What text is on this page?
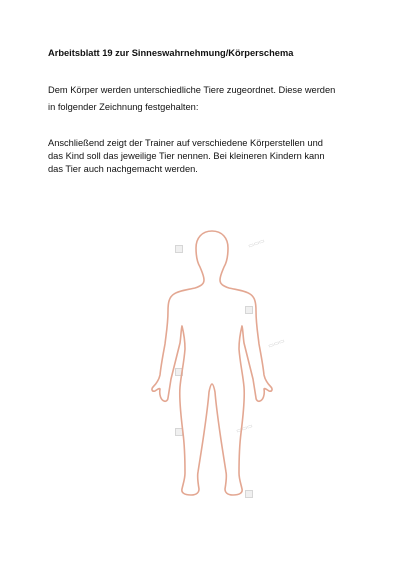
Arbeitsblatt 19 zur Sinneswahrnehmung/Körperschema

Dem Körper werden unterschiedliche Tiere zugeordnet. Diese werden
in folgender Zeichnung festgehalten:
Anschließend zeigt der Trainer auf verschiedene Körperstellen und
das Kind soll das jeweilige Tier nennen. Bei kleineren Kindern kann
das Tier auch nachgemacht werden.
▭▭▭
▭▭▭
▭▭▭
